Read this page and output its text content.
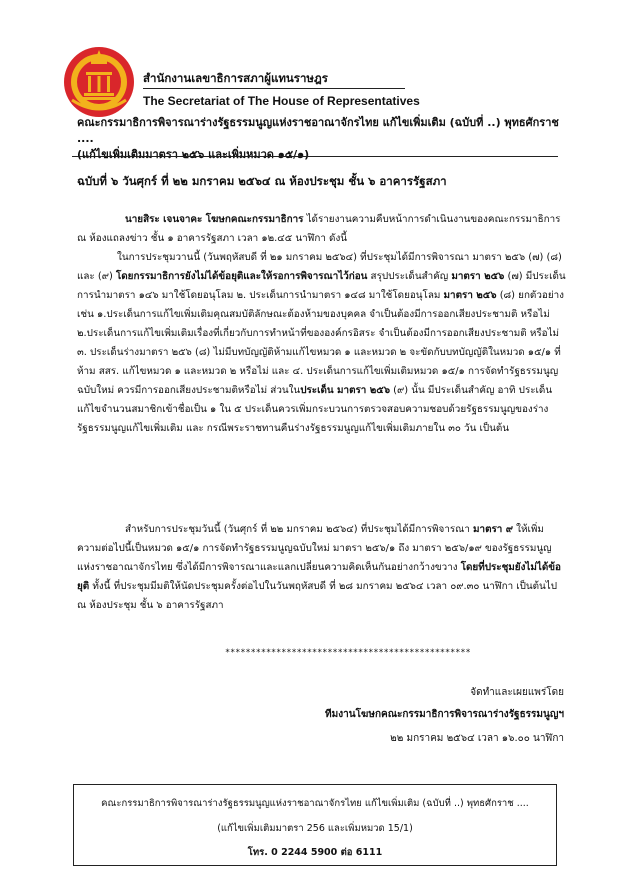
สำนักงานเลขาธิการสภาผู้แทนราษฎร
The Secretariat of The House of Representatives
คณะกรรมาธิการพิจารณาร่างรัฐธรรมนูญแห่งราชอาณาจักรไทย แก้ไขเพิ่มเติม (ฉบับที่ ..) พุทธศักราช ....
(แก้ไขเพิ่มเติมมาตรา ๒๕๖ และเพิ่มหมวด ๑๕/๑)
ฉบับที่ ๖ วันศุกร์ ที่ ๒๒ มกราคม ๒๕๖๔ ณ ห้องประชุม ชั้น ๖ อาคารรัฐสภา
นายสิระ เจนจาคะ โฆษกคณะกรรมาธิการ ได้รายงานความคืบหน้าการดำเนินงานของคณะกรรมาธิการ ณ ห้องแถลงข่าว ชั้น ๑ อาคารรัฐสภา เวลา ๑๒.๔๕ นาฬิกา ดังนี้
ในการประชุมวานนี้ (วันพฤหัสบดี ที่ ๒๑ มกราคม ๒๕๖๔) ที่ประชุมได้มีการพิจารณา มาตรา ๒๕๖ (๗) (๘) และ (๙) โดยกรรมาธิการยังไม่ได้ข้อยุติและให้รอการพิจารณาไว้ก่อน สรุปประเด็นสำคัญ มาตรา ๒๕๖ (๗) มีประเด็นการนำมาตรา ๑๔๖ มาใช้โดยอนุโลม ๒. ประเด็นการนำมาตรา ๑๔๘ มาใช้โดยอนุโลม มาตรา ๒๕๖ (๘) ยกตัวอย่างเช่น ๑.ประเด็นการแก้ไขเพิ่มเติมคุณสมบัติลักษณะต้องห้ามของบุคคล จำเป็นต้องมีการออกเสียงประชามติ หรือไม่ ๒.ประเด็นการแก้ไขเพิ่มเติมเรื่องที่เกี่ยวกับการทำหน้าที่ขององค์กรอิสระ จำเป็นต้องมีการออกเสียงประชามติ หรือไม่ ๓. ประเด็นร่างมาตรา ๒๕๖ (๘) ไม่มีบทบัญญัติห้ามแก้ไขหมวด ๑ และหมวด ๒ จะขัดกับบทบัญญัติในหมวด ๑๕/๑ ที่ห้าม สสร. แก้ไขหมวด ๑ และหมวด ๒ หรือไม่ และ ๔. ประเด็นการแก้ไขเพิ่มเติมหมวด ๑๕/๑ การจัดทำรัฐธรรมนูญฉบับใหม่ ควรมีการออกเสียงประชามติหรือไม่ ส่วนในประเด็น มาตรา ๒๕๖ (๙) นั้น มีประเด็นสำคัญ อาทิ ประเด็นแก้ไขจำนวนสมาชิกเข้าชื่อเป็น ๑ ใน ๕ ประเด็นควรเพิ่มกระบวนการตรวจสอบความชอบด้วยรัฐธรรมนูญของร่างรัฐธรรมนูญแก้ไขเพิ่มเติม และ กรณีพระราชทานคืนร่างรัฐธรรมนูญแก้ไขเพิ่มเติมภายใน ๓๐ วัน เป็นต้น
สำหรับการประชุมวันนี้ (วันศุกร์ ที่ ๒๒ มกราคม ๒๕๖๔) ที่ประชุมได้มีการพิจารณา มาตรา ๙ ให้เพิ่มความต่อไปนี้เป็นหมวด ๑๕/๑ การจัดทำรัฐธรรมนูญฉบับใหม่ มาตรา ๒๕๖/๑ ถึง มาตรา ๒๕๖/๑๙ ของรัฐธรรมนูญแห่งราชอาณาจักรไทย ซึ่งได้มีการพิจารณาและแลกเปลี่ยนความคิดเห็นกันอย่างกว้างขวาง โดยที่ประชุมยังไม่ได้ข้อยุติ ทั้งนี้ ที่ประชุมมีมติให้นัดประชุมครั้งต่อไปในวันพฤหัสบดี ที่ ๒๘ มกราคม ๒๕๖๔ เวลา ๐๙.๓๐ นาฬิกา เป็นต้นไป ณ ห้องประชุม ชั้น ๖ อาคารรัฐสภา
************************************************
จัดทำและเผยแพร่โดย
ทีมงานโฆษกคณะกรรมาธิการพิจารณาร่างรัฐธรรมนูญฯ
๒๒ มกราคม ๒๕๖๔ เวลา ๑๖.๐๐ นาฬิกา
คณะกรรมาธิการพิจารณาร่างรัฐธรรมนูญแห่งราชอาณาจักรไทย แก้ไขเพิ่มเติม (ฉบับที่ ..) พุทธศักราช ....
(แก้ไขเพิ่มเติมมาตรา 256 และเพิ่มหมวด 15/1)
โทร. 0 2244 5900 ต่อ 6111
